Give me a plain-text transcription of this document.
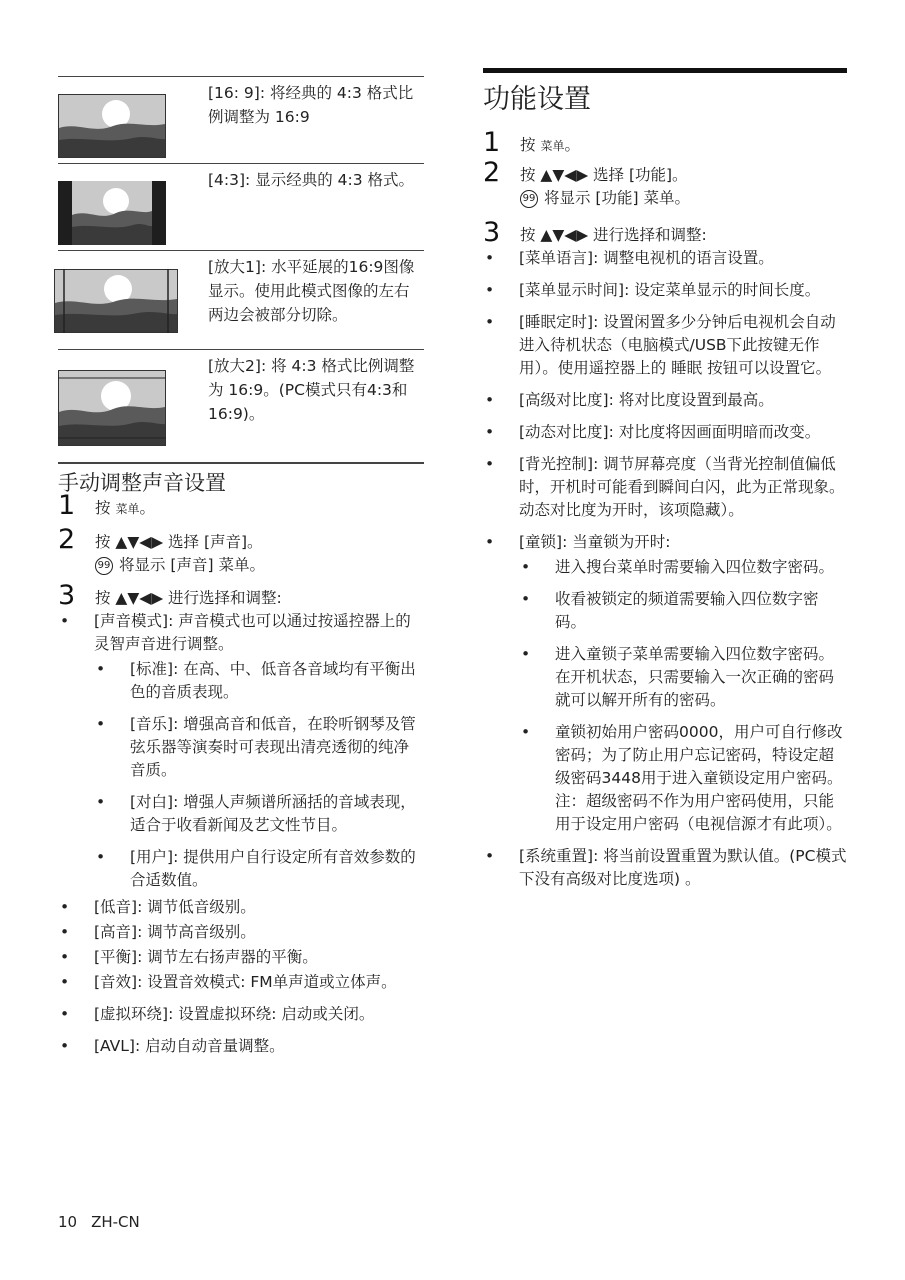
[16: 9]: 将经典的 4:3 格式比例调整为 16:9
[4:3]: 显示经典的 4:3 格式。
[放大1]: 水平延展的16:9图像显示。使用此模式图像的左右两边会被部分切除。
[放大2]: 将 4:3 格式比例调整为 16:9。(PC模式只有4:3和16:9)。
手动调整声音设置
1 按 菜单。
2 按 ▲▼◀▶ 选择 [声音]。
99 将显示 [声音] 菜单。
3 按 ▲▼◀▶ 进行选择和调整:
• [声音模式]: 声音模式也可以通过按遥控器上的灵智声音进行调整。
• [标准]: 在高、中、低音各音域均有平衡出色的音质表现。
• [音乐]: 增强高音和低音，在聆听钢琴及管弦乐器等演奏时可表现出清亮透彻的纯净音质。
• [对白]: 增强人声频谱所涵括的音域表现，适合于收看新闻及艺文性节目。
• [用户]: 提供用户自行设定所有音效参数的合适数值。
• [低音]: 调节低音级别。
• [高音]: 调节高音级别。
• [平衡]: 调节左右扬声器的平衡。
• [音效]: 设置音效模式: FM单声道或立体声。
• [虚拟环绕]: 设置虚拟环绕: 启动或关闭。
• [AVL]: 启动自动音量调整。
功能设置
1 按 菜单。
2 按 ▲▼◀▶ 选择 [功能]。
99 将显示 [功能] 菜单。
3 按 ▲▼◀▶ 进行选择和调整:
• [菜单语言]: 调整电视机的语言设置。
• [菜单显示时间]: 设定菜单显示的时间长度。
• [睡眠定时]: 设置闲置多少分钟后电视机会自动进入待机状态（电脑模式/USB下此按键无作用）。使用遥控器上的 睡眠 按钮可以设置它。
• [高级对比度]: 将对比度设置到最高。
• [动态对比度]: 对比度将因画面明暗而改变。
• [背光控制]: 调节屏幕亮度（当背光控制值偏低时，开机时可能看到瞬间白闪，此为正常现象。动态对比度为开时，该项隐藏）。
• [童锁]: 当童锁为开时:
• 进入搜台菜单时需要输入四位数字密码。
• 收看被锁定的频道需要输入四位数字密码。
• 进入童锁子菜单需要输入四位数字密码。在开机状态，只需要输入一次正确的密码就可以解开所有的密码。
• 童锁初始用户密码0000，用户可自行修改密码；为了防止用户忘记密码，特设定超级密码3448用于进入童锁设定用户密码。注：超级密码不作为用户密码使用，只能用于设定用户密码（电视信源才有此项）。
• [系统重置]: 将当前设置重置为默认值。(PC模式下没有高级对比度选项) 。
10 ZH-CN
